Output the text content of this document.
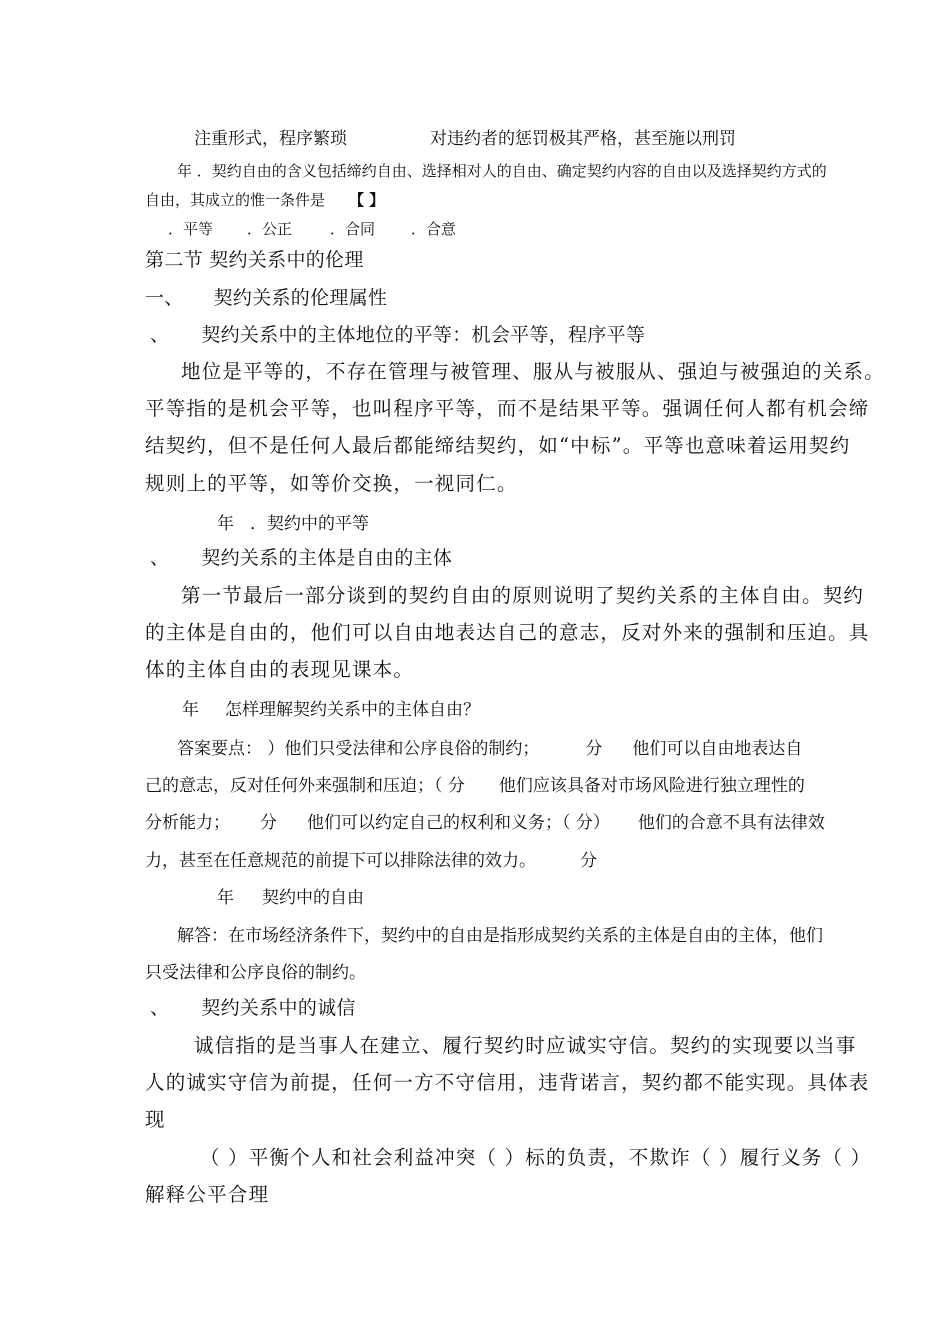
注重形式，程序繁琐	对违约者的惩罚极其严格，甚至施以刑罚
年 ．契约自由的含义包括缔约自由、选择相对人的自由、确定契约内容的自由以及选择契约方式的
自由，其成立的惟一条件是 【 】
．平等 ．公正	．合同 ．合意
第二节 契约关系中的伦理
一、 契约关系的伦理属性
、 契约关系中的主体地位的平等：机会平等，程序平等
地位是平等的，不存在管理与被管理、服从与被服从、强迫与被强迫的关系。
平等指的是机会平等，也叫程序平等，而不是结果平等。强调任何人都有机会缔
结契约，但不是任何人最后都能缔结契约，如“中标”。平等也意味着运用契约
规则上的平等，如等价交换，一视同仁。
年 ．契约中的平等
、 契约关系的主体是自由的主体
第一节最后一部分谈到的契约自由的原则说明了契约关系的主体自由。契约
的主体是自由的，他们可以自由地表达自己的意志，反对外来的强制和压迫。具
体的主体自由的表现见课本。
年 怎样理解契约关系中的主体自由？
答案要点： ）他们只受法律和公序良俗的制约；	分 他们可以自由地表达自
己的意志，反对任何外来强制和压迫；（ 分 他们应该具备对市场风险进行独立理性的
分析能力； 分 他们可以约定自己的权利和义务；（ 分） 他们的合意不具有法律效
力，甚至在任意规范的前提下可以排除法律的效力。	分
年 契约中的自由
解答：在市场经济条件下，契约中的自由是指形成契约关系的主体是自由的主体，他们
只受法律和公序良俗的制约。
、 契约关系中的诚信
诚信指的是当事人在建立、履行契约时应诚实守信。契约的实现要以当事
人的诚实守信为前提，任何一方不守信用，违背诺言，契约都不能实现。具体表
现
（ ）平衡个人和社会利益冲突（ ）标的负责，不欺诈（ ）履行义务（ ）
解释公平合理
